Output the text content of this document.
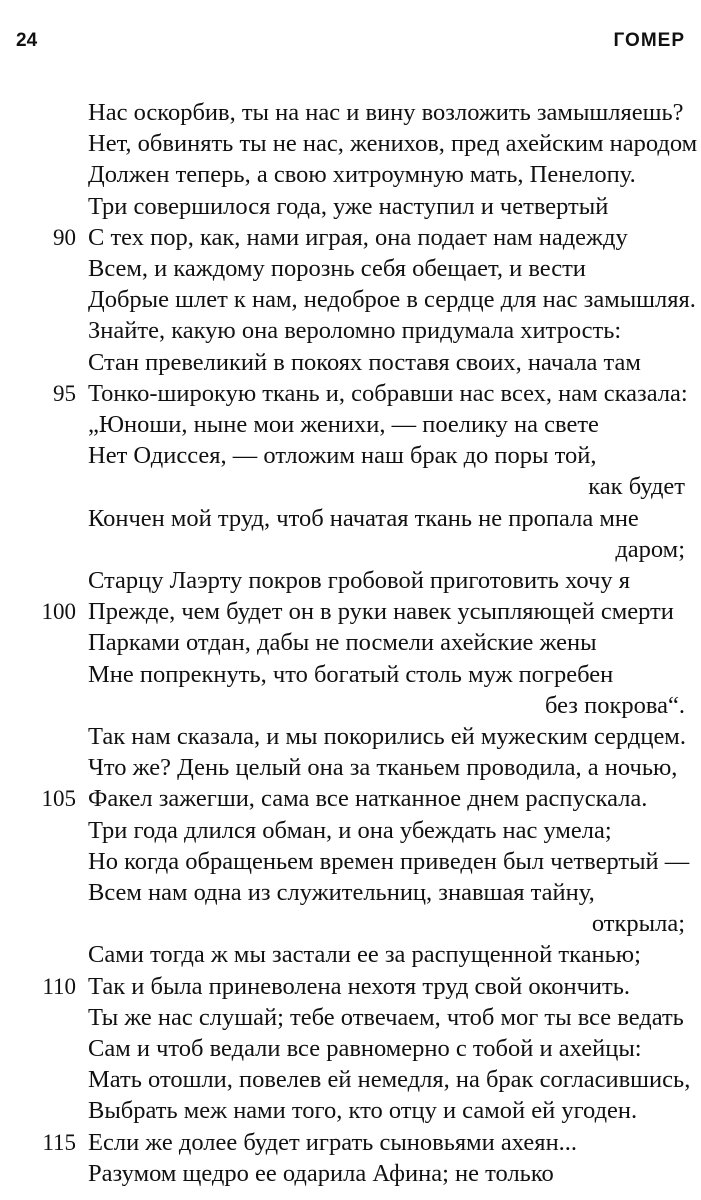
24	ГОМЕР
Нас оскорбив, ты на нас и вину возложить замышляешь?
Нет, обвинять ты не нас, женихов, пред ахейским народом
Должен теперь, а свою хитроумную мать, Пенелопу.
Три совершилося года, уже наступил и четвертый
90 С тех пор, как, нами играя, она подает нам надежду
Всем, и каждому порознь себя обещает, и вести
Добрые шлет к нам, недоброе в сердце для нас замышляя.
Знайте, какую она вероломно придумала хитрость:
Стан превеликий в покоях поставя своих, начала там
95 Тонко-широкую ткань и, собравши нас всех, нам сказала:
„Юноши, ныне мои женихи, — поелику на свете
Нет Одиссея, — отложим наш брак до поры той,
как будет
Кончен мой труд, чтоб начатая ткань не пропала мне
даром;
Старцу Лаэрту покров гробовой приготовить хочу я
100 Прежде, чем будет он в руки навек усыпляющей смерти
Парками отдан, дабы не посмели ахейские жены
Мне попрекнуть, что богатый столь муж погребен
без покрова“.
Так нам сказала, и мы покорились ей мужеским сердцем.
Что же? День целый она за тканьем проводила, а ночью,
105 Факел зажегши, сама все натканное днем распускала.
Три года длился обман, и она убеждать нас умела;
Но когда обращеньем времен приведен был четвертый —
Всем нам одна из служительниц, знавшая тайну,
открыла;
Сами тогда ж мы застали ее за распущенной тканью;
110 Так и была приневолена нехотя труд свой окончить.
Ты же нас слушай; тебе отвечаем, чтоб мог ты все ведать
Сам и чтоб ведали все равномерно с тобой и ахейцы:
Мать отошли, повелев ей немедля, на брак согласившись,
Выбрать меж нами того, кто отцу и самой ей угоден.
115 Если же долее будет играть сыновьями ахеян...
Разумом щедро ее одарила Афина; не только
